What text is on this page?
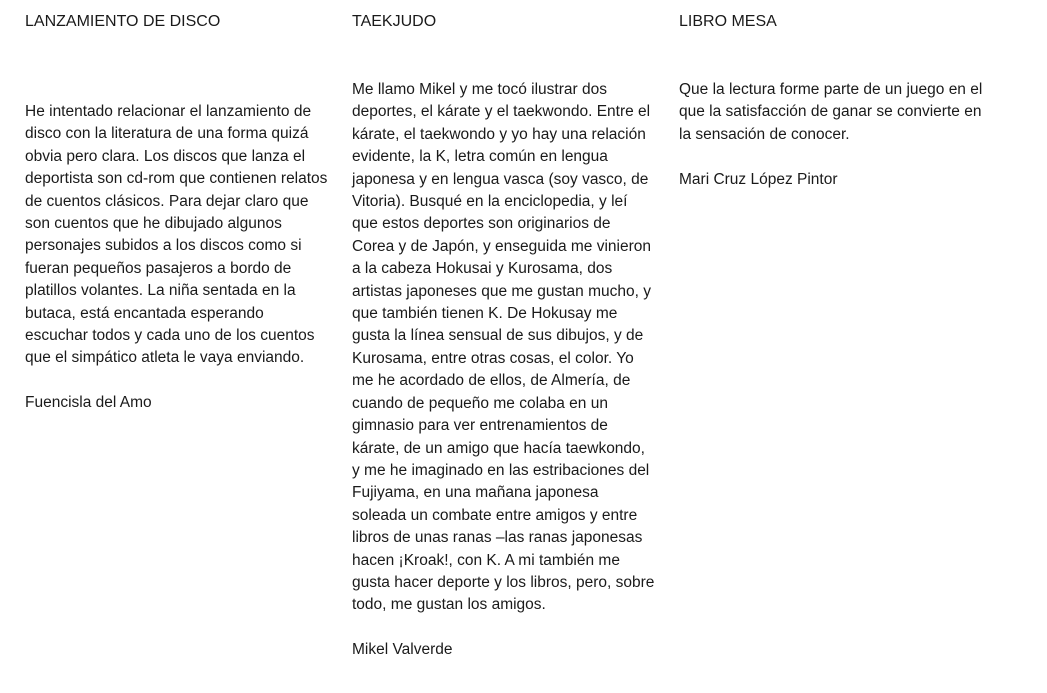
LANZAMIENTO DE DISCO

He intentado relacionar el lanzamiento de disco con la literatura de una forma quizá obvia pero clara. Los discos que lanza el deportista son cd-rom que contienen relatos de cuentos clásicos. Para dejar claro que son cuentos que he dibujado algunos personajes subidos a los discos como si fueran pequeños pasajeros a bordo de platillos volantes. La niña sentada en la butaca, está encantada esperando escuchar todos y cada uno de los cuentos que el simpático atleta le vaya enviando.

Fuencisla del Amo

TAEKJUDO

Me llamo Mikel y me tocó ilustrar dos deportes, el kárate y el taekwondo. Entre el kárate, el taekwondo y yo hay una relación evidente, la K, letra común en lengua japonesa y en lengua vasca (soy vasco, de Vitoria). Busqué en la enciclopedia, y leí que estos deportes son originarios de Corea y de Japón, y enseguida me vinieron a la cabeza Hokusai y Kurosama, dos artistas japoneses que me gustan mucho, y que también tienen K. De Hokusay me gusta la línea sensual de sus dibujos, y de Kurosama, entre otras cosas, el color. Yo me he acordado de ellos, de Almería, de cuando de pequeño me colaba en un gimnasio para ver entrenamientos de kárate, de un amigo que hacía taewkondo, y me he imaginado en las estribaciones del Fujiyama, en una mañana japonesa soleada un combate entre amigos y entre libros de unas ranas –las ranas japonesas hacen ¡Kroak!, con K. A mi también me gusta hacer deporte y los libros, pero, sobre todo, me gustan los amigos.

Mikel Valverde

LIBRO MESA

Que la lectura forme parte de un juego en el que la satisfacción de ganar se convierte en la sensación de conocer.

Mari Cruz López Pintor
